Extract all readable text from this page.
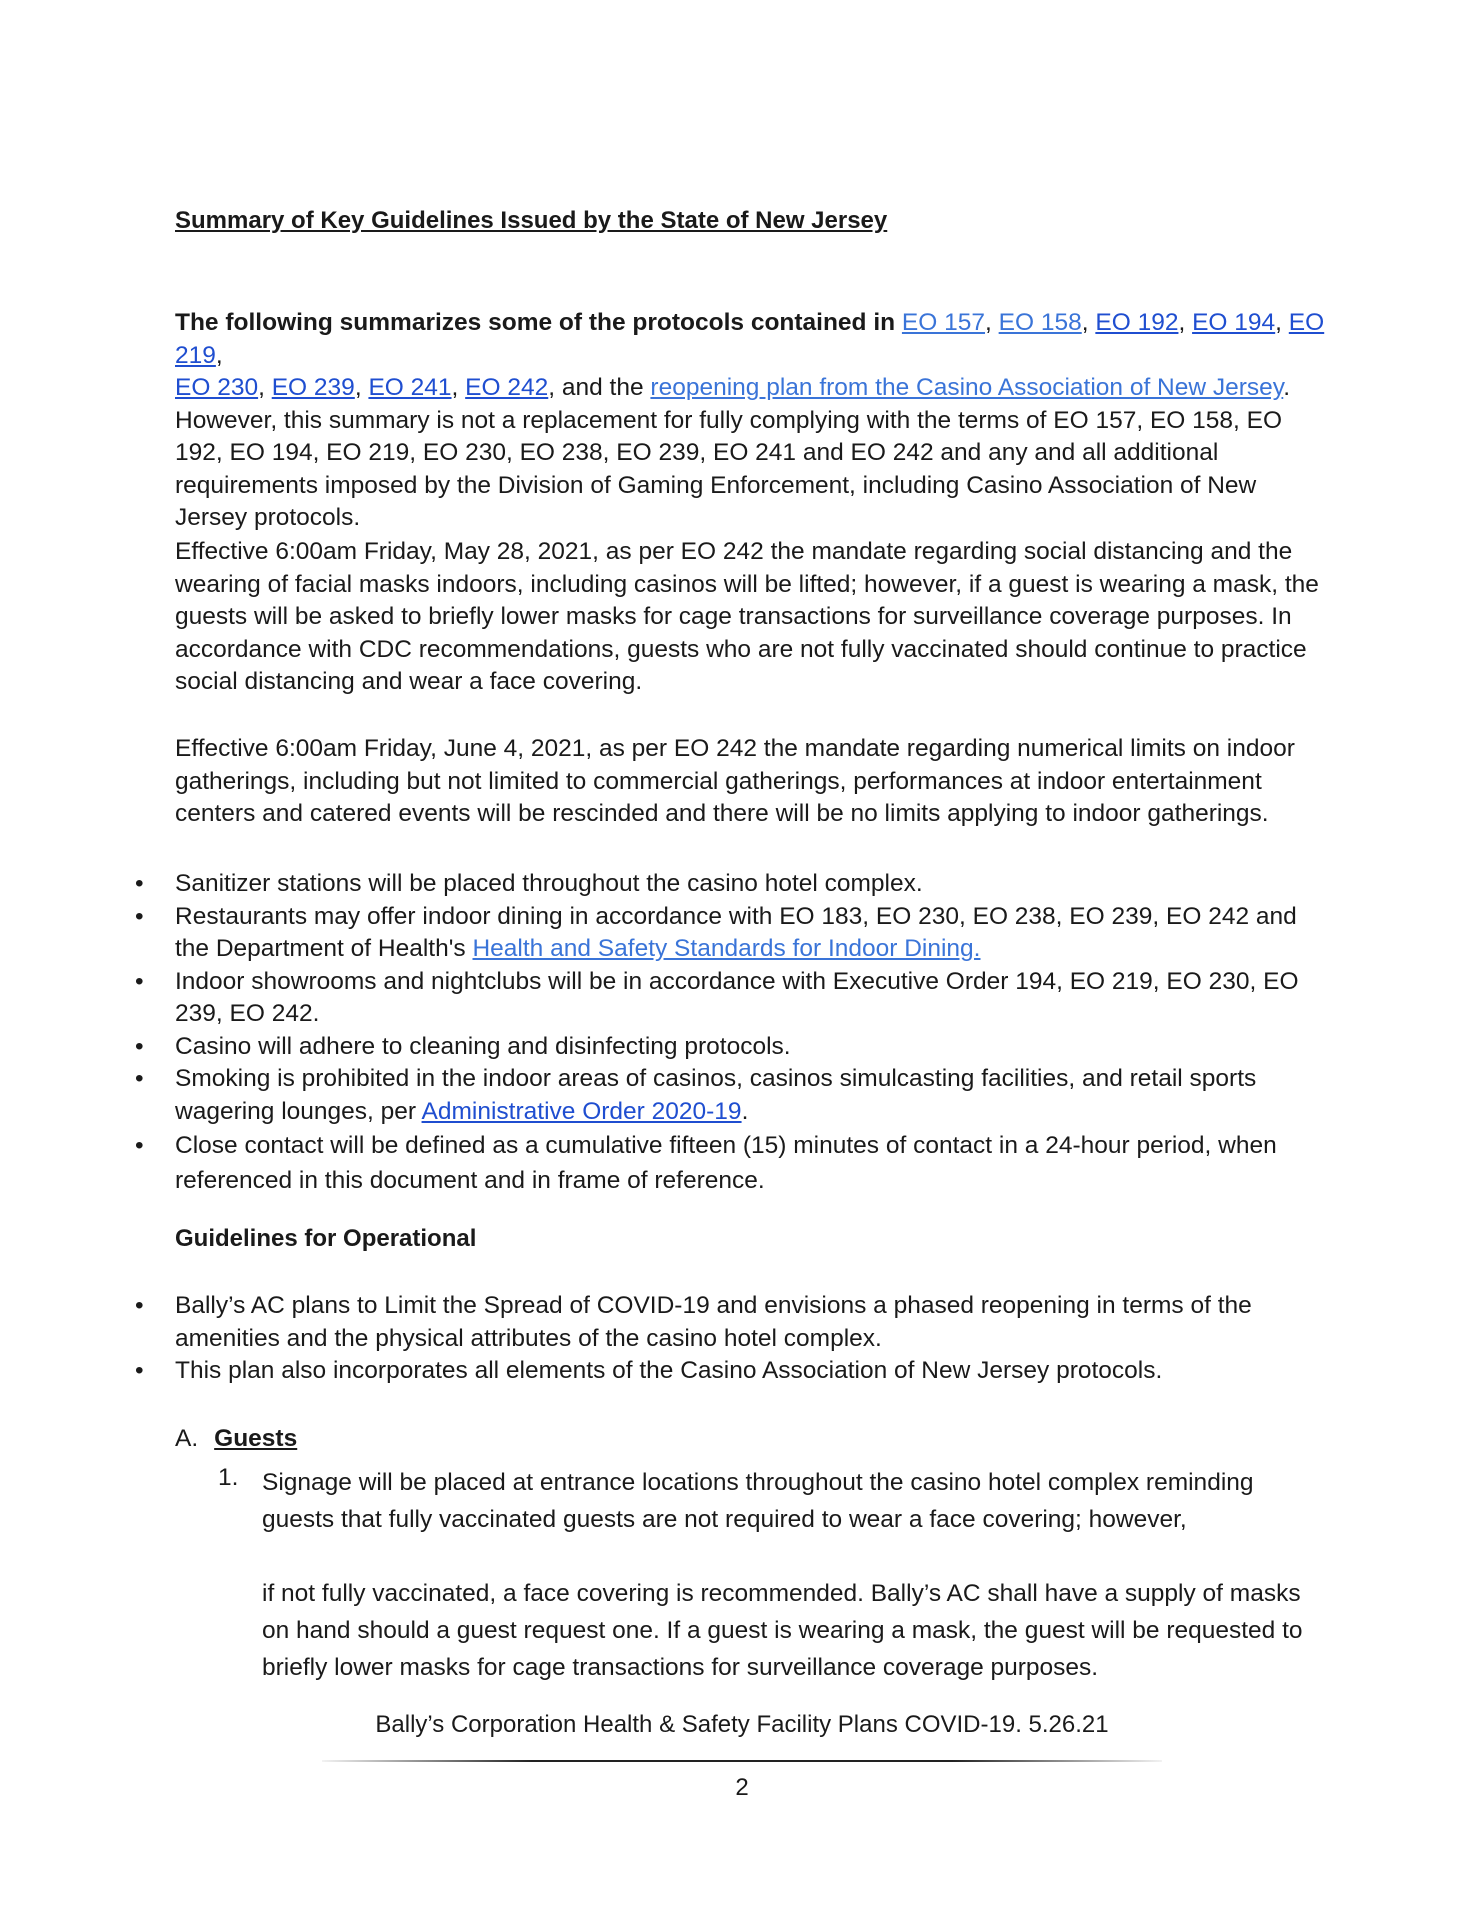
Summary of Key Guidelines Issued by the State of New Jersey
The following summarizes some of the protocols contained in EO 157, EO 158, EO 192, EO 194, EO 219,
EO 230, EO 239, EO 241, EO 242, and the reopening plan from the Casino Association of New Jersey. However, this summary is not a replacement for fully complying with the terms of EO 157, EO 158, EO 192, EO 194, EO 219, EO 230, EO 238, EO 239, EO 241 and EO 242 and any and all additional requirements imposed by the Division of Gaming Enforcement, including Casino Association of New Jersey protocols.
Effective 6:00am Friday, May 28, 2021, as per EO 242 the mandate regarding social distancing and the wearing of facial masks indoors, including casinos will be lifted; however, if a guest is wearing a mask, the guests will be asked to briefly lower masks for cage transactions for surveillance coverage purposes. In accordance with CDC recommendations, guests who are not fully vaccinated should continue to practice social distancing and wear a face covering.
Effective 6:00am Friday, June 4, 2021, as per EO 242 the mandate regarding numerical limits on indoor gatherings, including but not limited to commercial gatherings, performances at indoor entertainment centers and catered events will be rescinded and there will be no limits applying to indoor gatherings.
• Sanitizer stations will be placed throughout the casino hotel complex.
• Restaurants may offer indoor dining in accordance with EO 183, EO 230, EO 238, EO 239, EO 242 and the Department of Health's Health and Safety Standards for Indoor Dining.
• Indoor showrooms and nightclubs will be in accordance with Executive Order 194, EO 219, EO 230, EO 239, EO 242.
• Casino will adhere to cleaning and disinfecting protocols.
• Smoking is prohibited in the indoor areas of casinos, casinos simulcasting facilities, and retail sports wagering lounges, per Administrative Order 2020-19.
• Close contact will be defined as a cumulative fifteen (15) minutes of contact in a 24-hour period, when referenced in this document and in frame of reference.
Guidelines for Operational
• Bally’s AC plans to Limit the Spread of COVID-19 and envisions a phased reopening in terms of the amenities and the physical attributes of the casino hotel complex.
• This plan also incorporates all elements of the Casino Association of New Jersey protocols.
A. Guests
1. Signage will be placed at entrance locations throughout the casino hotel complex reminding guests that fully vaccinated guests are not required to wear a face covering; however,
if not fully vaccinated, a face covering is recommended. Bally’s AC shall have a supply of masks on hand should a guest request one. If a guest is wearing a mask, the guest will be requested to briefly lower masks for cage transactions for surveillance coverage purposes.
Bally’s Corporation Health & Safety Facility Plans COVID-19. 5.26.21
2
